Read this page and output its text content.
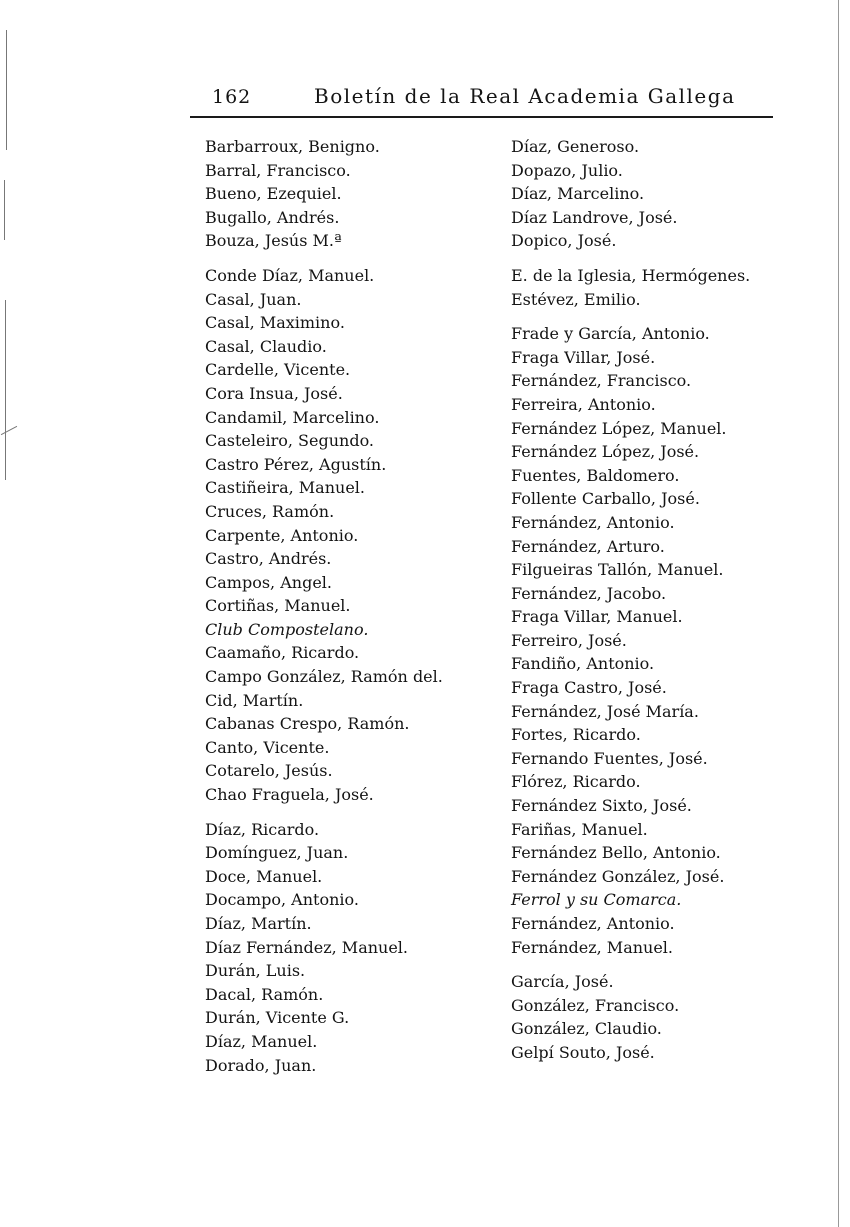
162	Boletín de la Real Academia Gallega
Barbarroux, Benigno.
Barral, Francisco.
Bueno, Ezequiel.
Bugallo, Andrés.
Bouza, Jesús M.ª
Conde Díaz, Manuel.
Casal, Juan.
Casal, Maximino.
Casal, Claudio.
Cardelle, Vicente.
Cora Insua, José.
Candamil, Marcelino.
Casteleiro, Segundo.
Castro Pérez, Agustín.
Castiñeira, Manuel.
Cruces, Ramón.
Carpente, Antonio.
Castro, Andrés.
Campos, Angel.
Cortiñas, Manuel.
Club Compostelano.
Caamaño, Ricardo.
Campo González, Ramón del.
Cid, Martín.
Cabanas Crespo, Ramón.
Canto, Vicente.
Cotarelo, Jesús.
Chao Fraguela, José.
Díaz, Ricardo.
Domínguez, Juan.
Doce, Manuel.
Docampo, Antonio.
Díaz, Martín.
Díaz Fernández, Manuel.
Durán, Luis.
Dacal, Ramón.
Durán, Vicente G.
Díaz, Manuel.
Dorado, Juan.
Díaz, Generoso.
Dopazo, Julio.
Díaz, Marcelino.
Díaz Landrove, José.
Dopico, José.
E. de la Iglesia, Hermógenes.
Estévez, Emilio.
Frade y García, Antonio.
Fraga Villar, José.
Fernández, Francisco.
Ferreira, Antonio.
Fernández López, Manuel.
Fernández López, José.
Fuentes, Baldomero.
Follente Carballo, José.
Fernández, Antonio.
Fernández, Arturo.
Filgueiras Tallón, Manuel.
Fernández, Jacobo.
Fraga Villar, Manuel.
Ferreiro, José.
Fandiño, Antonio.
Fraga Castro, José.
Fernández, José María.
Fortes, Ricardo.
Fernando Fuentes, José.
Flórez, Ricardo.
Fernández Sixto, José.
Fariñas, Manuel.
Fernández Bello, Antonio.
Fernández González, José.
Ferrol y su Comarca.
Fernández, Antonio.
Fernández, Manuel.
García, José.
González, Francisco.
González, Claudio.
Gelpí Souto, José.
